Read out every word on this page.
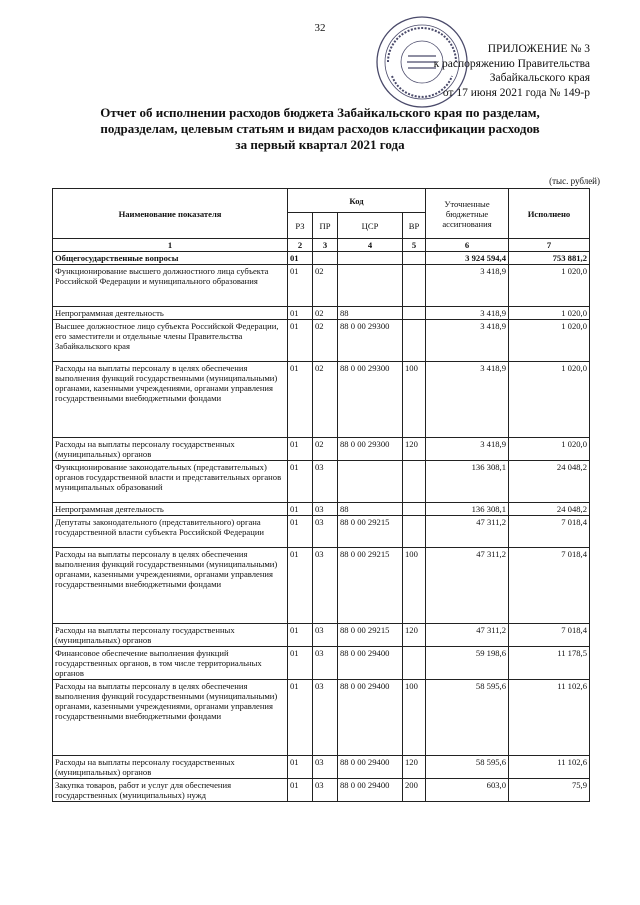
32
ПРИЛОЖЕНИЕ № 3
к распоряжению Правительства
Забайкальского края
от 17 июня 2021 года № 149-р
Отчет об исполнении расходов бюджета Забайкальского края по разделам,
подразделам, целевым статьям и видам расходов классификации расходов
за первый квартал 2021 года
(тыс. рублей)
Наименование показателя	Код				Уточненные бюджетные ассигнования	Исполнено
	РЗ	ПР	ЦСР	ВР		
1	2	3	4	5	6	7
Общегосударственные вопросы	01				3 924 594,4	753 881,2
Функционирование высшего должностного лица субъекта Российской Федерации и муниципального образования	01	02			3 418,9	1 020,0
Непрограммная деятельность	01	02	88		3 418,9	1 020,0
Высшее должностное лицо субъекта Российской Федерации, его заместители и отдельные члены Правительства Забайкальского края	01	02	88 0 00 29300		3 418,9	1 020,0
Расходы на выплаты персоналу в целях обеспечения выполнения функций государственными (муниципальными) органами, казенными учреждениями, органами управления государственными внебюджетными фондами	01	02	88 0 00 29300	100	3 418,9	1 020,0
Расходы на выплаты персоналу государственных (муниципальных) органов	01	02	88 0 00 29300	120	3 418,9	1 020,0
Функционирование законодательных (представительных) органов государственной власти и представительных органов муниципальных образований	01	03			136 308,1	24 048,2
Непрограммная деятельность	01	03	88		136 308,1	24 048,2
Депутаты законодательного (представительного) органа государственной власти субъекта Российской Федерации	01	03	88 0 00 29215		47 311,2	7 018,4
Расходы на выплаты персоналу в целях обеспечения выполнения функций государственными (муниципальными) органами, казенными учреждениями, органами управления государственными внебюджетными фондами	01	03	88 0 00 29215	100	47 311,2	7 018,4
Расходы на выплаты персоналу государственных (муниципальных) органов	01	03	88 0 00 29215	120	47 311,2	7 018,4
Финансовое обеспечение выполнения функций государственных органов, в том числе территориальных органов	01	03	88 0 00 29400		59 198,6	11 178,5
Расходы на выплаты персоналу в целях обеспечения выполнения функций государственными (муниципальными) органами, казенными учреждениями, органами управления государственными внебюджетными фондами	01	03	88 0 00 29400	100	58 595,6	11 102,6
Расходы на выплаты персоналу государственных (муниципальных) органов	01	03	88 0 00 29400	120	58 595,6	11 102,6
Закупка товаров, работ и услуг для обеспечения государственных (муниципальных) нужд	01	03	88 0 00 29400	200	603,0	75,9
